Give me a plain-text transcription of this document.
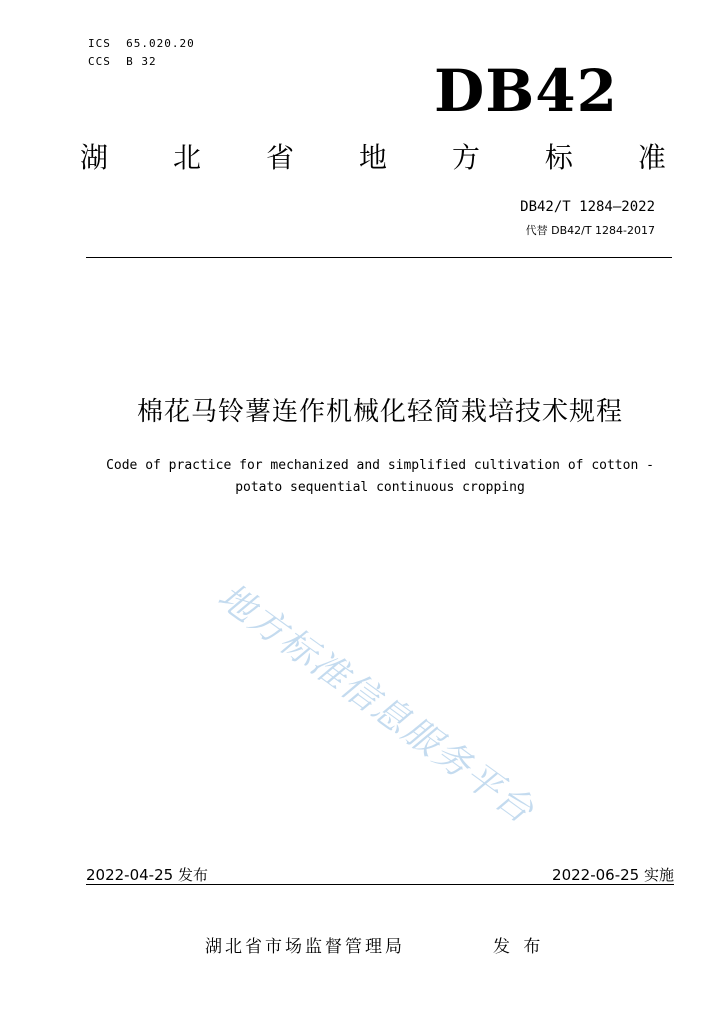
ICS  65.020.20
CCS  B 32	DB42
湖 北 省 地 方 标 准
DB42/T 1284—2022
代替 DB42/T 1284-2017
棉花马铃薯连作机械化轻简栽培技术规程
Code of practice for mechanized and simplified cultivation of cotton -
potato sequential continuous cropping
地方标准信息服务平台
2022-04-25 发布	2022-06-25 实施
湖北省市场监督管理局	发 布
